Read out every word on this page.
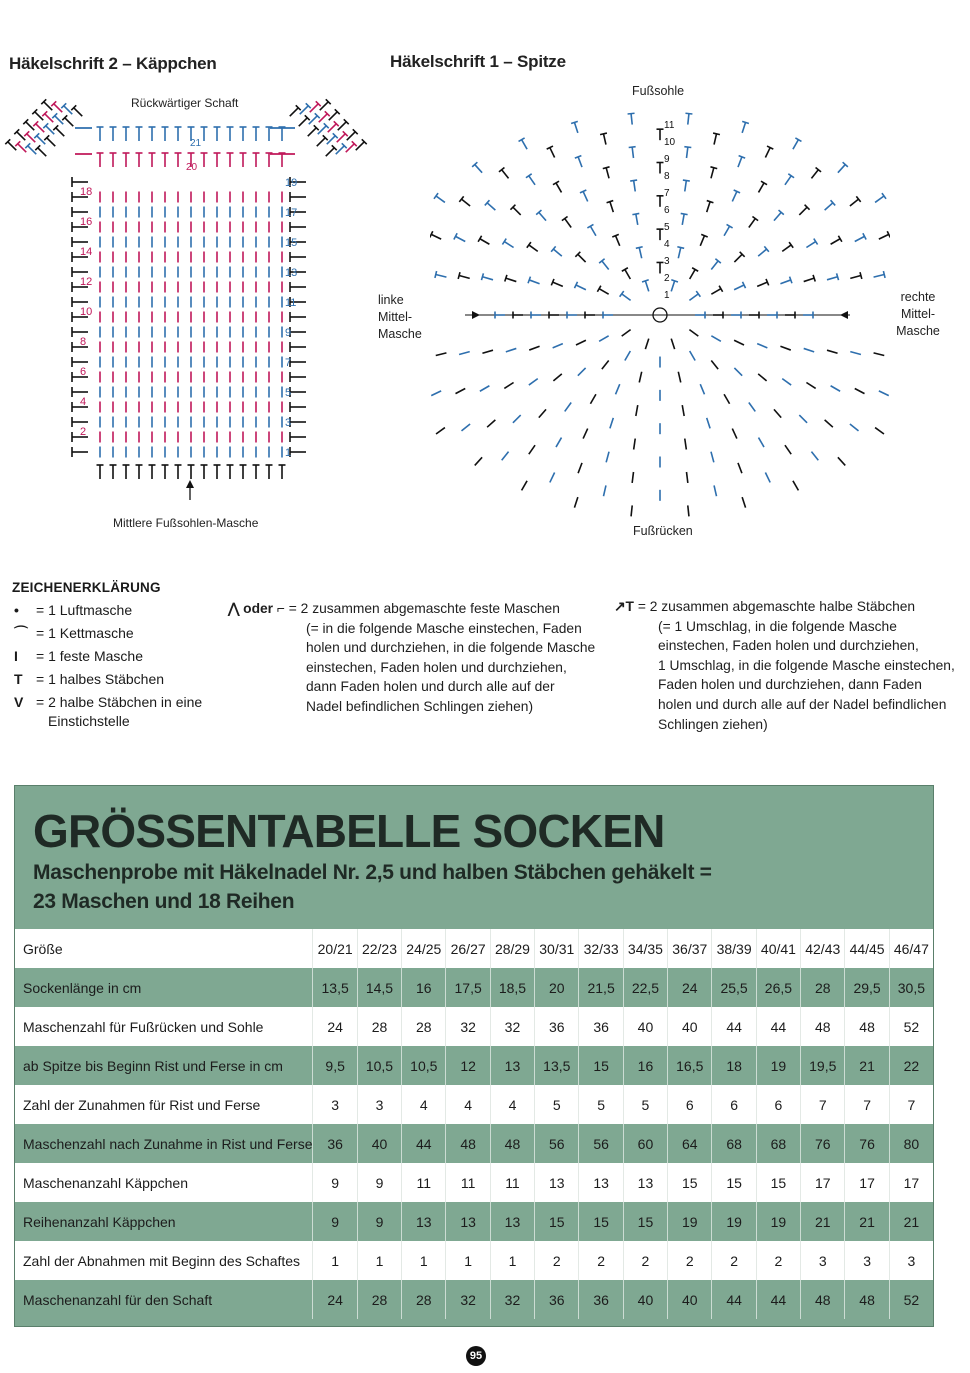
Häkelschrift 2 – Käppchen
Rückwärtiger Schaft
18
16
14
12
10
8
6
4
2
19
17
15
13
11
9
7
5
3
1
21
20
Mittlere Fußsohlen-Masche
Häkelschrift 1 – Spitze
Fußsohle
11
10
9
8
7
6
5
4
3
2
1
linke
Mittel-
Masche
rechte
Mittel-
Masche
Fußrücken
ZEICHENERKLÄRUNG
• = 1 Luftmasche
⌒ = 1 Kettmasche
I = 1 feste Masche
T = 1 halbes Stäbchen
V = 2 halbe Stäbchen in eine
Einstichstelle
⋀ oder ⌐ = 2 zusammen abgemaschte feste Maschen
(= in die folgende Masche einstechen, Faden
holen und durchziehen, in die folgende Masche
einstechen, Faden holen und durchziehen,
dann Faden holen und durch alle auf der
Nadel befindlichen Schlingen ziehen)
↗T = 2 zusammen abgemaschte halbe Stäbchen
(= 1 Umschlag, in die folgende Masche
einstechen, Faden holen und durchziehen,
1 Umschlag, in die folgende Masche einstechen,
Faden holen und durchziehen, dann Faden
holen und durch alle auf der Nadel befindlichen
Schlingen ziehen)
GRÖSSENTABELLE SOCKEN
Maschenprobe mit Häkelnadel Nr. 2,5 und halben Stäbchen gehäkelt =
23 Maschen und 18 Reihen
Größe	20/21	22/23	24/25	26/27	28/29	30/31	32/33	34/35	36/37	38/39	40/41	42/43	44/45	46/47
Sockenlänge in cm	13,5	14,5	16	17,5	18,5	20	21,5	22,5	24	25,5	26,5	28	29,5	30,5
Maschenzahl für Fußrücken und Sohle	24	28	28	32	32	36	36	40	40	44	44	48	48	52
ab Spitze bis Beginn Rist und Ferse in cm	9,5	10,5	10,5	12	13	13,5	15	16	16,5	18	19	19,5	21	22
Zahl der Zunahmen für Rist und Ferse	3	3	4	4	4	5	5	5	6	6	6	7	7	7
Maschenzahl nach Zunahme in Rist und Ferse	36	40	44	48	48	56	56	60	64	68	68	76	76	80
Maschenanzahl Käppchen	9	9	11	11	11	13	13	13	15	15	15	17	17	17
Reihenanzahl Käppchen	9	9	13	13	13	15	15	15	19	19	19	21	21	21
Zahl der Abnahmen mit Beginn des Schaftes	1	1	1	1	1	2	2	2	2	2	2	3	3	3
Maschenanzahl für den Schaft	24	28	28	32	32	36	36	40	40	44	44	48	48	52
95
